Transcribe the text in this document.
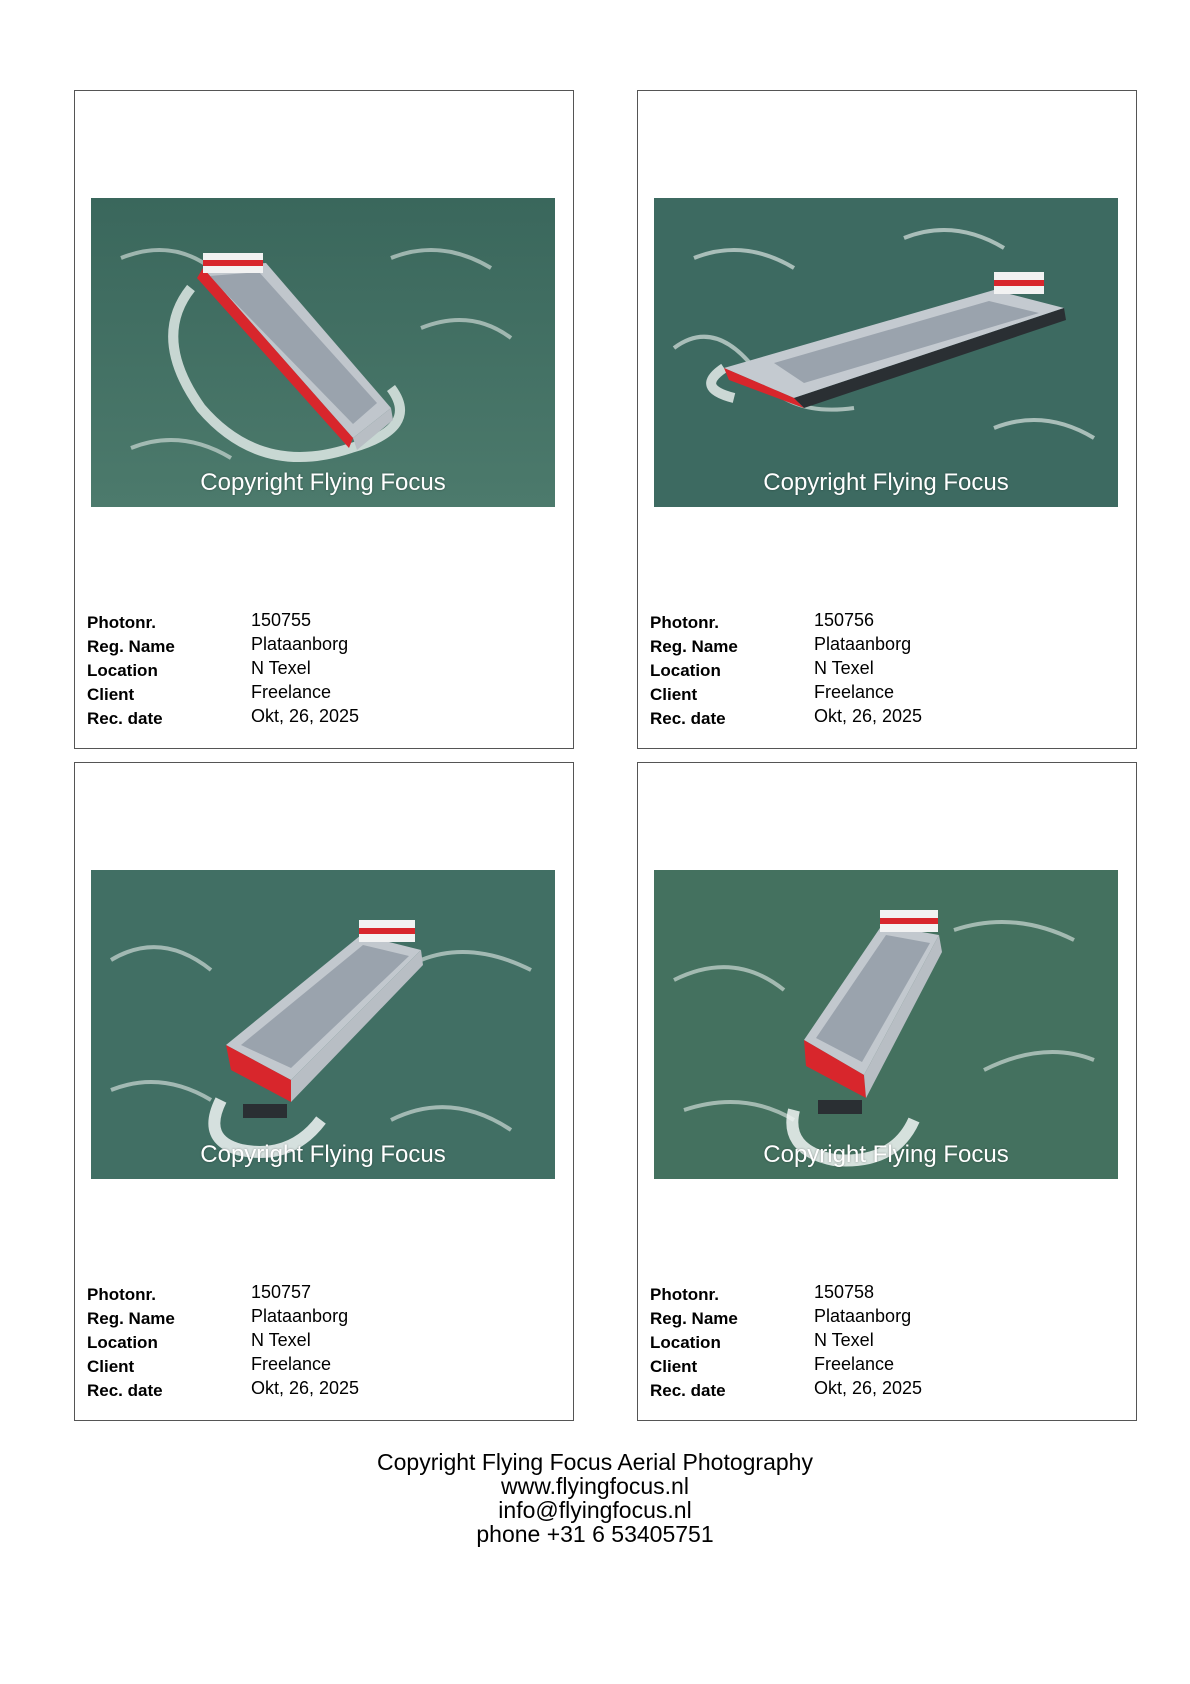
Copyright Flying Focus
Photonr.	150755
Reg. Name	Plataanborg
Location	N Texel
Client	Freelance
Rec. date	Okt, 26, 2025
Copyright Flying Focus
Photonr.	150756
Reg. Name	Plataanborg
Location	N Texel
Client	Freelance
Rec. date	Okt, 26, 2025
Copyright Flying Focus
Photonr.	150757
Reg. Name	Plataanborg
Location	N Texel
Client	Freelance
Rec. date	Okt, 26, 2025
Copyright Flying Focus
Photonr.	150758
Reg. Name	Plataanborg
Location	N Texel
Client	Freelance
Rec. date	Okt, 26, 2025
Copyright Flying Focus Aerial Photography
www.flyingfocus.nl
info@flyingfocus.nl
phone +31 6 53405751
